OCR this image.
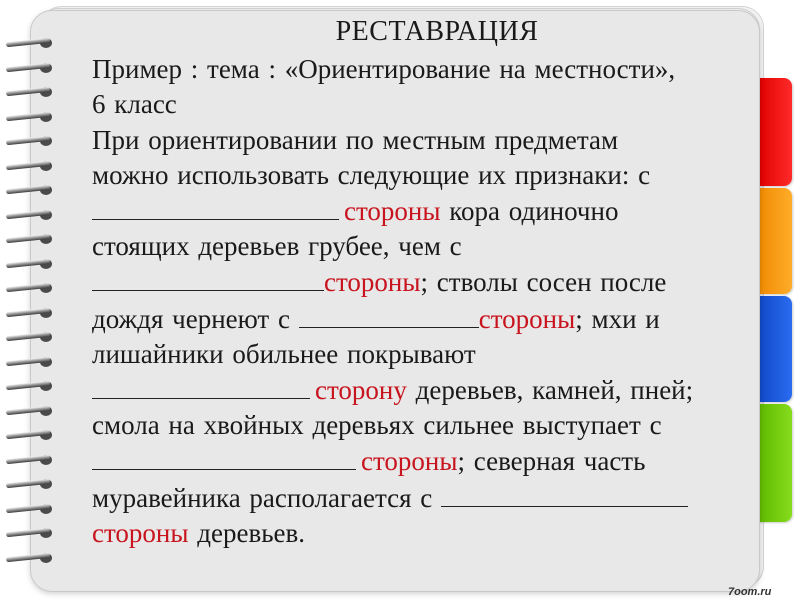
РЕСТАВРАЦИЯ
Пример : тема : «Ориентирование на местности»,
6 класс
При ориентировании по местным предметам
можно использовать следующие их признаки: с
стороны кора одиночно
стоящих деревьев грубее, чем с
стороны; стволы сосен после
дождя чернеют с	стороны; мхи и
лишайники обильнее покрывают
сторону деревьев, камней, пней;
смола на хвойных деревьях сильнее выступает с
стороны; северная часть
муравейника располагается с
стороны деревьев.
7oom.ru
